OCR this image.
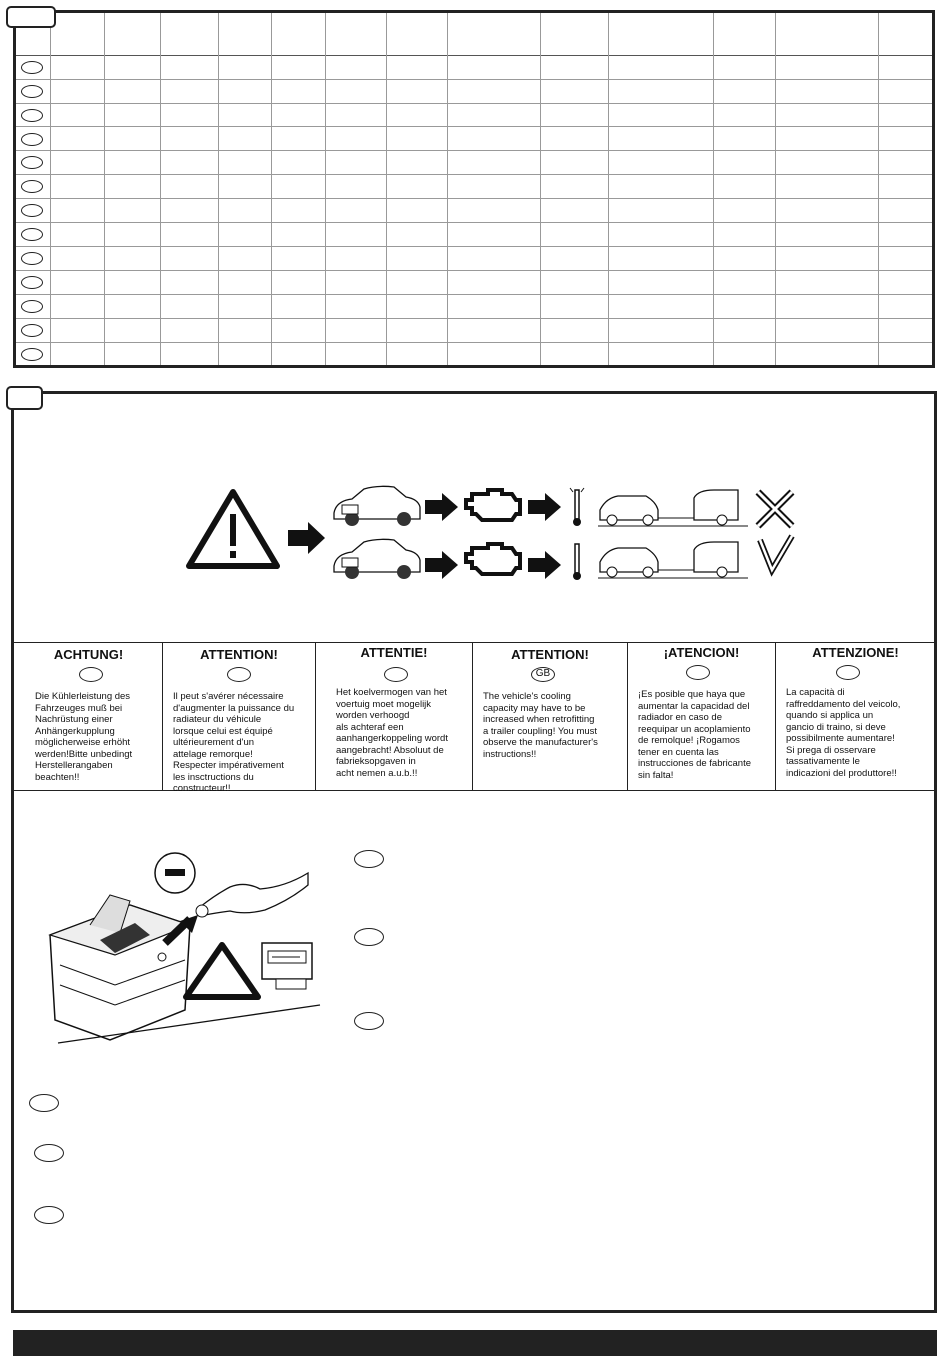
ACHTUNG!
Die Kühlerleistung des
Fahrzeuges muß bei
Nachrüstung einer
Anhängerkupplung
möglicherweise erhöht
werden!Bitte unbedingt
Herstellerangaben
beachten!!
ATTENTION!
Il peut s'avérer nécessaire
d'augmenter la puissance du
radiateur du véhicule
lorsque celui est équipé
ultérieurement d'un
attelage remorque!
Respecter impérativement
les insctructions du
constructeur!!
ATTENTIE!
Het koelvermogen van het
voertuig moet mogelijk
worden verhoogd
als achteraf een
aanhangerkoppeling wordt
aangebracht! Absoluut de
fabrieksopgaven in
acht nemen a.u.b.!!
ATTENTION!
GB
The vehicle's cooling
capacity may have to be
increased when retrofitting
a trailer coupling! You must
observe the manufacturer's
instructions!!
¡ATENCION!
¡Es posible que haya que
aumentar la capacidad del
radiador en caso de
reequipar un acoplamiento
de remolque! ¡Rogamos
tener en cuenta las
instrucciones de fabricante
sin falta!
ATTENZIONE!
La capacità di
raffreddamento del veicolo,
quando si applica un
gancio di traino, si deve
possibilmente aumentare!
Si prega di osservare
tassativamente le
indicazioni del produttore!!
